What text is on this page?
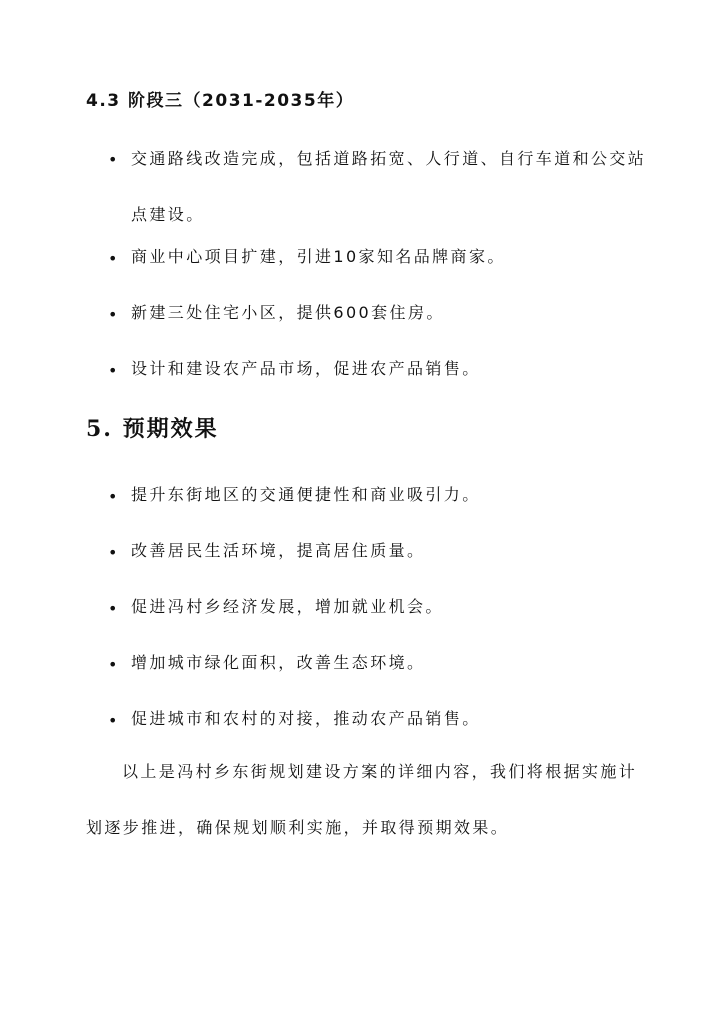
4.3 阶段三（2031-2035年）
• 交通路线改造完成，包括道路拓宽、人行道、自行车道和公交站点建设。

• 商业中心项目扩建，引进10家知名品牌商家。

• 新建三处住宅小区，提供600套住房。

• 设计和建设农产品市场，促进农产品销售。

5. 预期效果
• 提升东街地区的交通便捷性和商业吸引力。

• 改善居民生活环境，提高居住质量。

• 促进冯村乡经济发展，增加就业机会。

• 增加城市绿化面积，改善生态环境。

• 促进城市和农村的对接，推动农产品销售。

以上是冯村乡东街规划建设方案的详细内容，我们将根据实施计划逐步推进，确保规划顺利实施，并取得预期效果。
